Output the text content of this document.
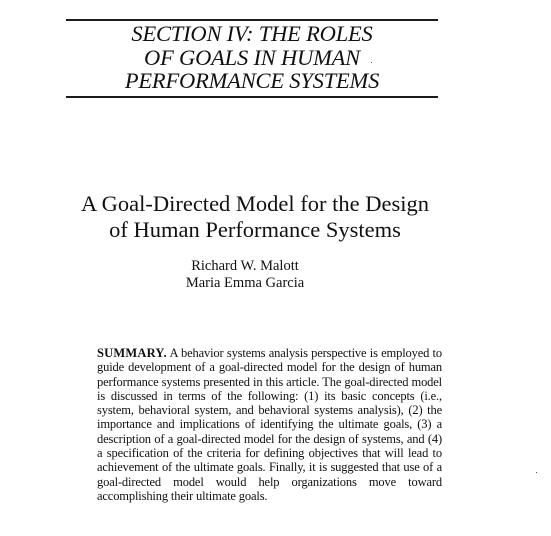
SECTION IV: THE ROLES
OF GOALS IN HUMAN
PERFORMANCE SYSTEMS
A Goal-Directed Model for the Design
of Human Performance Systems
Richard W. Malott
Maria Emma Garcia

SUMMARY. A behavior systems analysis perspective is employed to guide development of a goal-directed model for the design of human performance systems presented in this article. The goal-directed model is discussed in terms of the following: (1) its basic concepts (i.e., system, behavioral system, and behavioral systems analysis), (2) the importance and implications of identifying the ultimate goals, (3) a description of a goal-directed model for the design of systems, and (4) a specification of the criteria for defining objectives that will lead to achievement of the ultimate goals. Finally, it is suggested that use of a goal-directed model would help organizations move toward accomplishing their ultimate goals.
